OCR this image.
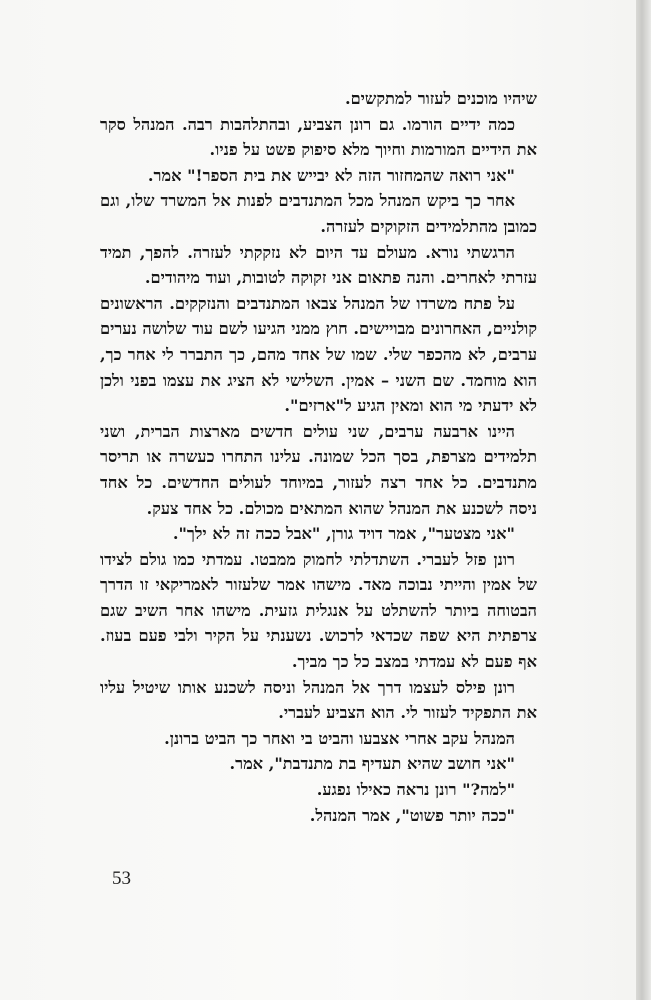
שיהיו מוכנים לעזור למתקשים.

כמה ידיים הורמו. גם רונן הצביע, ובהתלהבות רבה. המנהל סקר את הידיים המורמות וחיוך מלא סיפוק פשט על פניו.

"אני רואה שהמחזור הזה לא יבייש את בית הספר!" אמר.

אחר כך ביקש המנהל מכל המתנדבים לפנות אל המשרד שלו, וגם כמובן מהתלמידים הזקוקים לעזרה.

הרגשתי נורא. מעולם עד היום לא נזקקתי לעזרה. להפך, תמיד עזרתי לאחרים. והנה פתאום אני זקוקה לטובות, ועוד מיהודים.

על פתח משרדו של המנהל צבאו המתנדבים והנזקקים. הראשונים קולניים, האחרונים מבויישים. חוץ ממני הגיעו לשם עוד שלושה נערים ערבים, לא מהכפר שלי. שמו של אחד מהם, כך התברר לי אחר כך, הוא מוחמד. שם השני – אמין. השלישי לא הציג את עצמו בפני ולכן לא ידעתי מי הוא ומאין הגיע ל"ארזים".

היינו ארבעה ערבים, שני עולים חדשים מארצות הברית, ושני תלמידים מצרפת, בסך הכל שמונה. עלינו התחרו כעשרה או תריסר מתנדבים. כל אחד רצה לעזור, במיוחד לעולים החדשים. כל אחד ניסה לשכנע את המנהל שהוא המתאים מכולם. כל אחד צעק.

"אני מצטער", אמר דויד גורן, "אבל ככה זה לא ילך".

רונן פזל לעברי. השתדלתי לחמוק ממבטו. עמדתי כמו גולם לצידו של אמין והייתי נבוכה מאד. מישהו אמר שלעזור לאמריקאי זו הדרך הבטוחה ביותר להשתלט על אנגלית גזעית. מישהו אחר השיב שגם צרפתית היא שפה שכדאי לרכוש. נשענתי על הקיר ולבי פעם בעוז. אף פעם לא עמדתי במצב כל כך מביך.

רונן פילס לעצמו דרך אל המנהל וניסה לשכנע אותו שיטיל עליו את התפקיד לעזור לי. הוא הצביע לעברי.

המנהל עקב אחרי אצבעו והביט בי ואחר כך הביט ברונן.

"אני חושב שהיא תעדיף בת מתנדבת", אמר.

"למה?" רונן נראה כאילו נפגע.

"ככה יותר פשוט", אמר המנהל.

53
